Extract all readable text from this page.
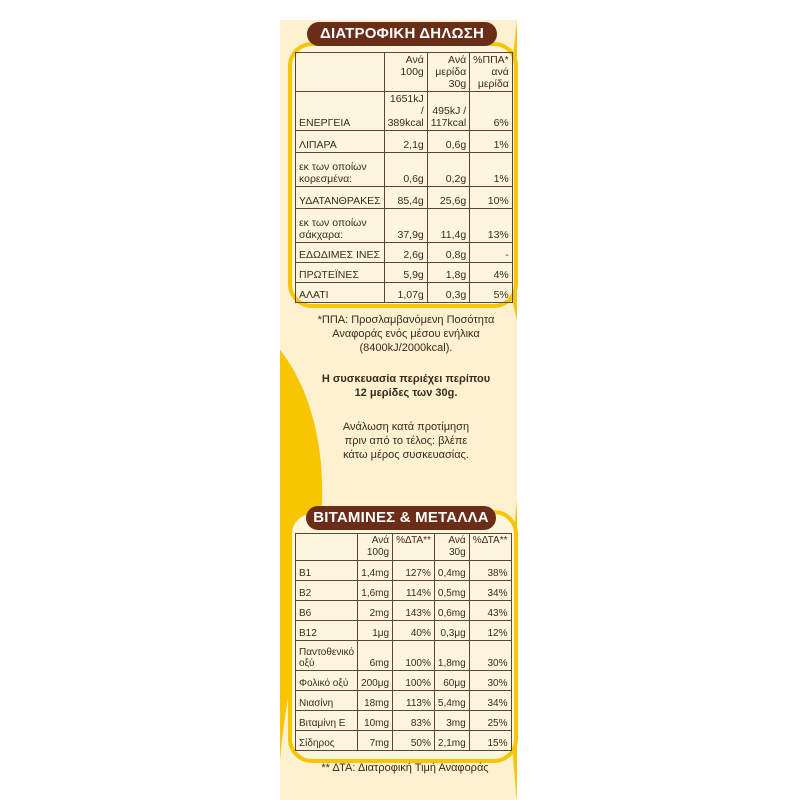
ΔΙΑΤΡΟΦΙΚΗ ΔΗΛΩΣΗ
	Ανά 100g	Ανά μερίδα 30g	%ΠΠΑ* ανά μερίδα
ΕΝΕΡΓΕΙΑ	1651kJ / 389kcal	495kJ / 117kcal	6%
ΛΙΠΑΡΑ	2,1g	0,6g	1%
εκ των οποίων κορεσμένα:	0,6g	0,2g	1%
ΥΔΑΤΑΝΘΡΑΚΕΣ	85,4g	25,6g	10%
εκ των οποίων σάκχαρα:	37,9g	11,4g	13%
ΕΔΩΔΙΜΕΣ ΙΝΕΣ	2,6g	0,8g	-
ΠΡΩΤΕΪΝΕΣ	5,9g	1,8g	4%
ΑΛΑΤΙ	1,07g	0,3g	5%
*ΠΠΑ: Προσλαμβανόμενη Ποσότητα
Αναφοράς ενός μέσου ενήλικα
(8400kJ/2000kcal).
Η συσκευασία περιέχει περίπου
12 μερίδες των 30g.
Ανάλωση κατά προτίμηση
πριν από το τέλος: βλέπε
κάτω μέρος συσκευασίας.
ΒΙΤΑΜΙΝΕΣ & ΜΕΤΑΛΛΑ
	Ανά 100g	%ΔΤΑ**	Ανά 30g	%ΔΤΑ**
B1	1,4mg	127%	0,4mg	38%
B2	1,6mg	114%	0,5mg	34%
B6	2mg	143%	0,6mg	43%
B12	1μg	40%	0,3μg	12%
Παντοθενικό οξύ	6mg	100%	1,8mg	30%
Φολικό οξύ	200μg	100%	60μg	30%
Νιασίνη	18mg	113%	5,4mg	34%
Βιταμίνη Ε	10mg	83%	3mg	25%
Σίδηρος	7mg	50%	2,1mg	15%
** ΔΤΑ: Διατροφική Τιμή Αναφοράς
